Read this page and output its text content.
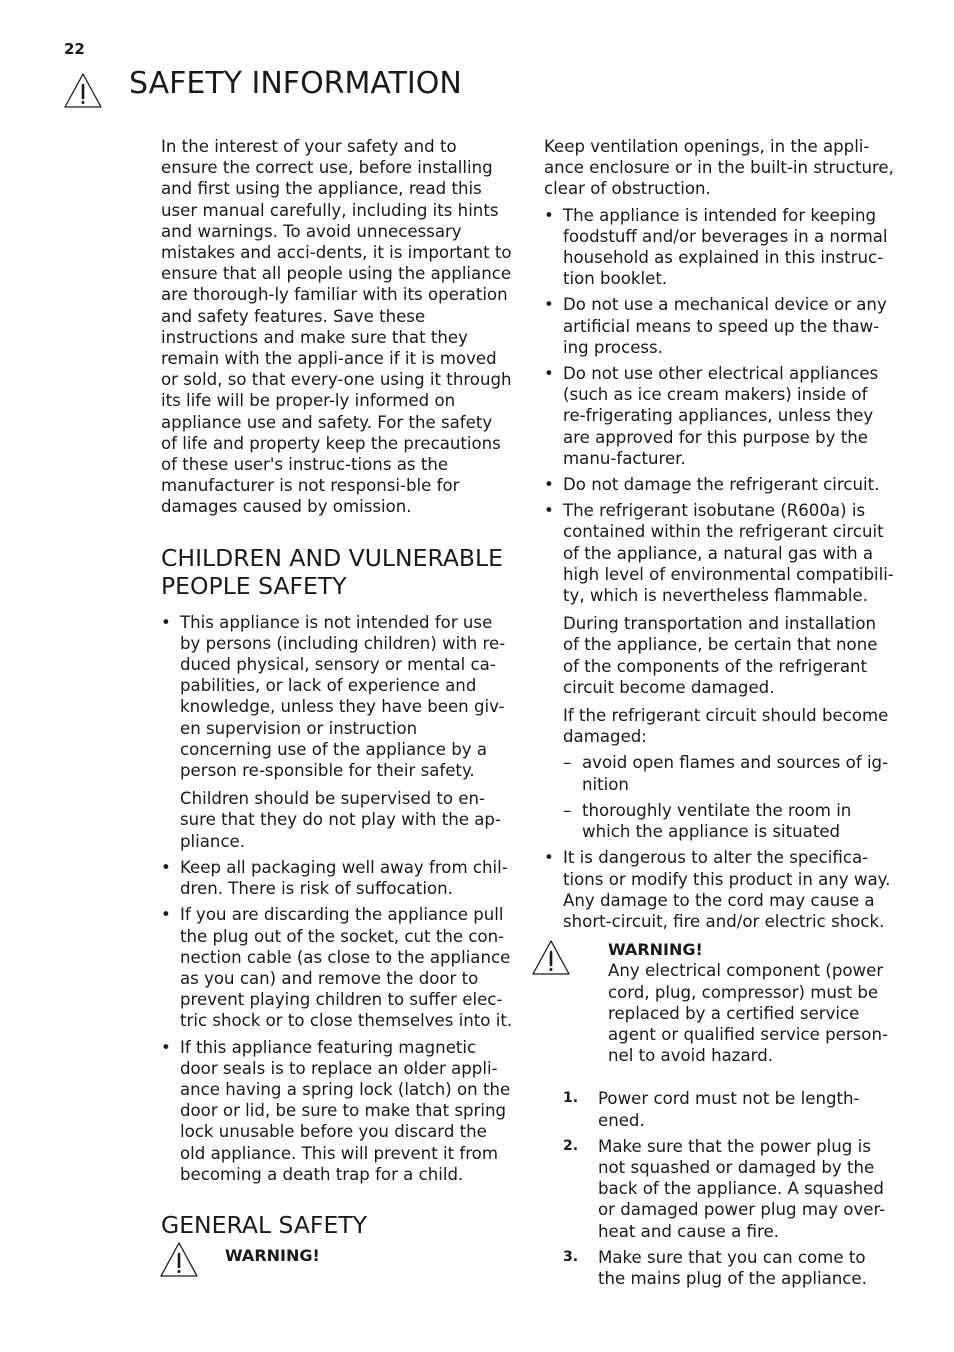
22
SAFETY INFORMATION

In the interest of your safety and to ensure the correct use, before installing and first using the appliance, read this user manual carefully, including its hints and warnings. To avoid unnecessary mistakes and acci-dents, it is important to ensure that all people using the appliance are thorough-ly familiar with its operation and safety features. Save these instructions and make sure that they remain with the appli-ance if it is moved or sold, so that every-one using it through its life will be proper-ly informed on appliance use and safety. For the safety of life and property keep the precautions of these user's instruc-tions as the manufacturer is not responsi-ble for damages caused by omission.

CHILDREN AND VULNERABLE PEOPLE SAFETY
• This appliance is not intended for use by persons (including children) with re-duced physical, sensory or mental ca-pabilities, or lack of experience and knowledge, unless they have been giv-en supervision or instruction concerning use of the appliance by a person re-sponsible for their safety.

Children should be supervised to en-sure that they do not play with the ap-pliance.

• Keep all packaging well away from chil-dren. There is risk of suffocation.
• If you are discarding the appliance pull the plug out of the socket, cut the con-nection cable (as close to the appliance as you can) and remove the door to prevent playing children to suffer elec-tric shock or to close themselves into it.
• If this appliance featuring magnetic door seals is to replace an older appli-ance having a spring lock (latch) on the door or lid, be sure to make that spring lock unusable before you discard the old appliance. This will prevent it from becoming a death trap for a child.
GENERAL SAFETY
WARNING!

Keep ventilation openings, in the appli-ance enclosure or in the built-in structure, clear of obstruction.

• The appliance is intended for keeping foodstuff and/or beverages in a normal household as explained in this instruc-tion booklet.
• Do not use a mechanical device or any artificial means to speed up the thaw-ing process.
• Do not use other electrical appliances (such as ice cream makers) inside of re-frigerating appliances, unless they are approved for this purpose by the manu-facturer.
• Do not damage the refrigerant circuit.
• The refrigerant isobutane (R600a) is contained within the refrigerant circuit of the appliance, a natural gas with a high level of environmental compatibili-ty, which is nevertheless flammable.

During transportation and installation of the appliance, be certain that none of the components of the refrigerant circuit become damaged.

If the refrigerant circuit should become damaged:

– avoid open flames and sources of ig-nition
– thoroughly ventilate the room in which the appliance is situated
• It is dangerous to alter the specifica-tions or modify this product in any way. Any damage to the cord may cause a short-circuit, fire and/or electric shock.
WARNING!

Any electrical component (power cord, plug, compressor) must be replaced by a certified service agent or qualified service person-nel to avoid hazard.

1. Power cord must not be length-ened.
2. Make sure that the power plug is not squashed or damaged by the back of the appliance. A squashed or damaged power plug may over-heat and cause a fire.
3. Make sure that you can come to the mains plug of the appliance.
